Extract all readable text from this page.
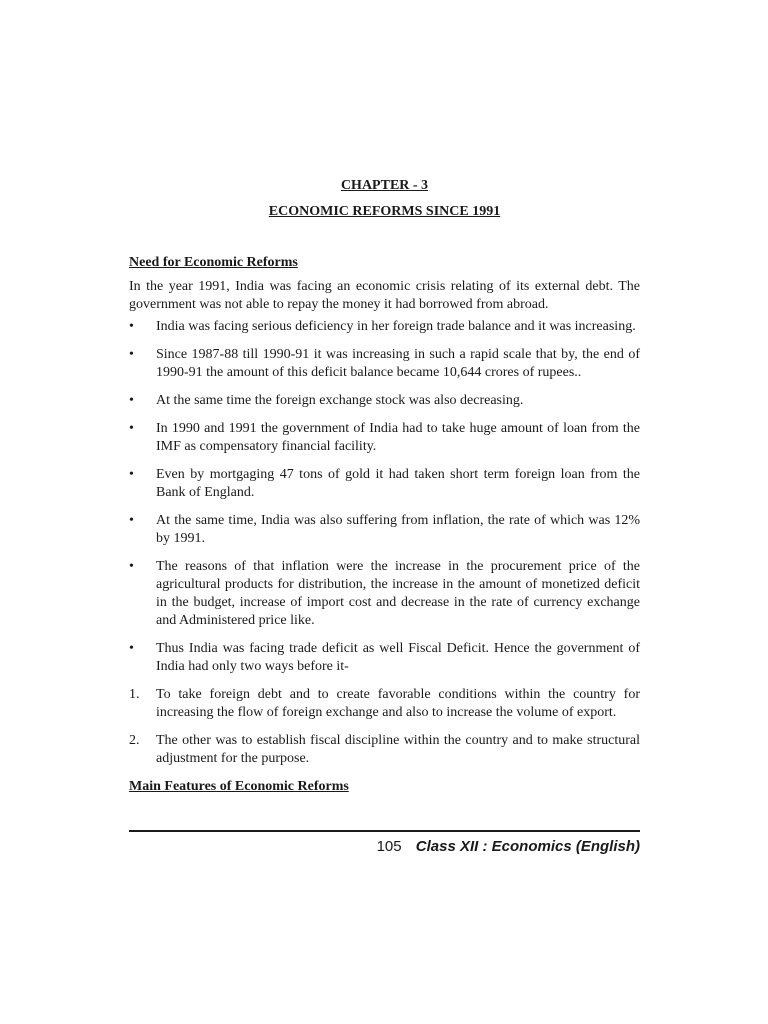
CHAPTER - 3

ECONOMIC REFORMS SINCE 1991

Need for Economic Reforms

In the year 1991, India was facing an economic crisis relating of its external debt. The government was not able to repay the money it had borrowed from abroad.

•	India was facing serious deficiency in her foreign trade balance and it was increasing.
•	Since 1987-88 till 1990-91 it was increasing in such a rapid scale that by, the end of 1990-91 the amount of this deficit balance became 10,644 crores of rupees..
•	At the same time the foreign exchange stock was also decreasing.
•	In 1990 and 1991 the government of India had to take huge amount of loan from the IMF as compensatory financial facility.
•	Even by mortgaging 47 tons of gold it had taken short term foreign loan from the Bank of England.
•	At the same time, India was also suffering from inflation, the rate of which was 12% by 1991.
•	The reasons of that inflation were the increase in the procurement price of the agricultural products for distribution, the increase in the amount of monetized deficit in the budget, increase of import cost and decrease in the rate of currency exchange and Administered price like.
•	Thus India was facing trade deficit as well Fiscal Deficit. Hence the government of India had only two ways before it-
1.	To take foreign debt and to create favorable conditions within the country for increasing the flow of foreign exchange and also to increase the volume of export.
2.	The other was to establish fiscal discipline within the country and to make structural adjustment for the purpose.

Main Features of Economic Reforms

105 Class XII : Economics (English)
